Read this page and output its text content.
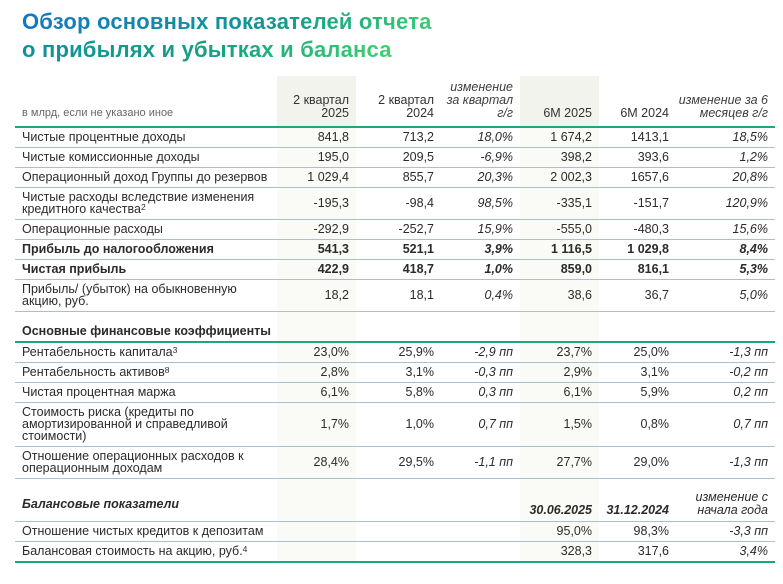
Обзор основных показателей отчета
о прибылях и убытках и баланса
в млрд, если не указано иное	2 квартал 2025	2 квартал 2024	изменение за квартал г/г	6М 2025	6М 2024	изменение за 6 месяцев г/г
Чистые процентные доходы	841,8	713,2	18,0%	1 674,2	1413,1	18,5%
Чистые комиссионные доходы	195,0	209,5	-6,9%	398,2	393,6	1,2%
Операционный доход Группы до резервов	1 029,4	855,7	20,3%	2 002,3	1657,6	20,8%
Чистые расходы вследствие изменения кредитного качества$^2$	-195,3	-98,4	98,5%	-335,1	-151,7	120,9%
Операционные расходы	-292,9	-252,7	15,9%	-555,0	-480,3	15,6%
Прибыль до налогообложения	541,3	521,1	3,9%	1 116,5	1 029,8	8,4%
Чистая прибыль	422,9	418,7	1,0%	859,0	816,1	5,3%
Прибыль/ (убыток) на обыкновенную акцию, руб.	18,2	18,1	0,4%	38,6	36,7	5,0%

Основные финансовые коэффициенты						
Рентабельность капитала$^3$	23,0%	25,9%	-2,9 пп	23,7%	25,0%	-1,3 пп
Рентабельность активов$^8$	2,8%	3,1%	-0,3 пп	2,9%	3,1%	-0,2 пп
Чистая процентная маржа	6,1%	5,8%	0,3 пп	6,1%	5,9%	0,2 пп
Стоимость риска (кредиты по амортизированной и справедливой стоимости)	1,7%	1,0%	0,7 пп	1,5%	0,8%	0,7 пп
Отношение операционных расходов к операционным доходам	28,4%	29,5%	-1,1 пп	27,7%	29,0%	-1,3 пп

Балансовые показатели				30.06.2025	31.12.2024	изменение с начала года
Отношение чистых кредитов к депозитам				95,0%	98,3%	-3,3 пп
Балансовая стоимость на акцию, руб.$^4$				328,3	317,6	3,4%
